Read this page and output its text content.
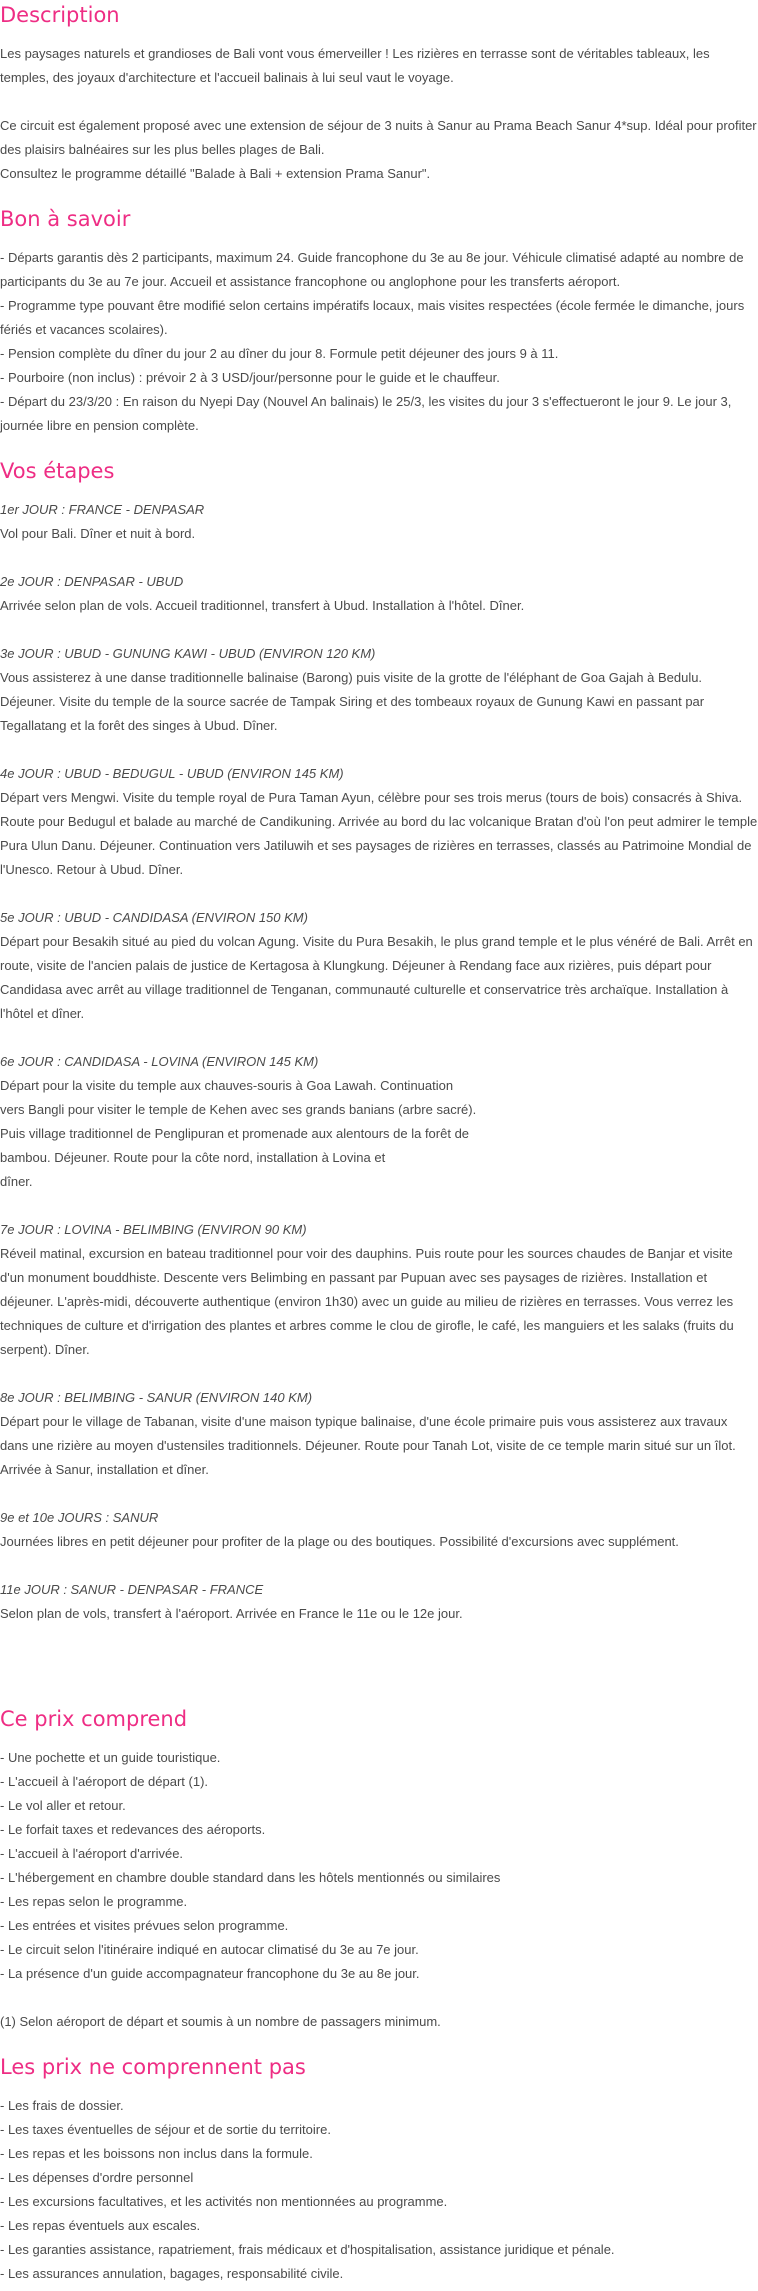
Description

Les paysages naturels et grandioses de Bali vont vous émerveiller ! Les rizières en terrasse sont de véritables tableaux, les temples, des joyaux d'architecture et l'accueil balinais à lui seul vaut le voyage.

Ce circuit est également proposé avec une extension de séjour de 3 nuits à Sanur au Prama Beach Sanur 4*sup. Idéal pour profiter des plaisirs balnéaires sur les plus belles plages de Bali.

Consultez le programme détaillé "Balade à Bali + extension Prama Sanur".

Bon à savoir

- Départs garantis dès 2 participants, maximum 24. Guide francophone du 3e au 8e jour. Véhicule climatisé adapté au nombre de participants du 3e au 7e jour. Accueil et assistance francophone ou anglophone pour les transferts aéroport.

- Programme type pouvant être modifié selon certains impératifs locaux, mais visites respectées (école fermée le dimanche, jours fériés et vacances scolaires).

- Pension complète du dîner du jour 2 au dîner du jour 8. Formule petit déjeuner des jours 9 à 11.

- Pourboire (non inclus) : prévoir 2 à 3 USD/jour/personne pour le guide et le chauffeur.

- Départ du 23/3/20 : En raison du Nyepi Day (Nouvel An balinais) le 25/3, les visites du jour 3 s'effectueront le jour 9. Le jour 3, journée libre en pension complète.

Vos étapes

1er JOUR : FRANCE - DENPASAR

Vol pour Bali. Dîner et nuit à bord.

2e JOUR : DENPASAR - UBUD

Arrivée selon plan de vols. Accueil traditionnel, transfert à Ubud. Installation à l'hôtel. Dîner.

3e JOUR : UBUD - GUNUNG KAWI - UBUD (ENVIRON 120 KM)

Vous assisterez à une danse traditionnelle balinaise (Barong) puis visite de la grotte de l'éléphant de Goa Gajah à Bedulu. Déjeuner. Visite du temple de la source sacrée de Tampak Siring et des tombeaux royaux de Gunung Kawi en passant par Tegallatang et la forêt des singes à Ubud. Dîner.

4e JOUR : UBUD - BEDUGUL - UBUD (ENVIRON 145 KM)

Départ vers Mengwi. Visite du temple royal de Pura Taman Ayun, célèbre pour ses trois merus (tours de bois) consacrés à Shiva. Route pour Bedugul et balade au marché de Candikuning. Arrivée au bord du lac volcanique Bratan d'où l'on peut admirer le temple Pura Ulun Danu. Déjeuner. Continuation vers Jatiluwih et ses paysages de rizières en terrasses, classés au Patrimoine Mondial de l'Unesco. Retour à Ubud. Dîner.

5e JOUR : UBUD - CANDIDASA (ENVIRON 150 KM)

Départ pour Besakih situé au pied du volcan Agung. Visite du Pura Besakih, le plus grand temple et le plus vénéré de Bali. Arrêt en route, visite de l'ancien palais de justice de Kertagosa à Klungkung. Déjeuner à Rendang face aux rizières, puis départ pour Candidasa avec arrêt au village traditionnel de Tenganan, communauté culturelle et conservatrice très archaïque. Installation à l'hôtel et dîner.

6e JOUR : CANDIDASA - LOVINA (ENVIRON 145 KM)

Départ pour la visite du temple aux chauves-souris à Goa Lawah. Continuation vers Bangli pour visiter le temple de Kehen avec ses grands banians (arbre sacré). Puis village traditionnel de Penglipuran et promenade aux alentours de la forêt de bambou. Déjeuner. Route pour la côte nord, installation à Lovina et

dîner.

7e JOUR : LOVINA - BELIMBING (ENVIRON 90 KM)

Réveil matinal, excursion en bateau traditionnel pour voir des dauphins. Puis route pour les sources chaudes de Banjar et visite d'un monument bouddhiste. Descente vers Belimbing en passant par Pupuan avec ses paysages de rizières. Installation et déjeuner. L'après-midi, découverte authentique (environ 1h30) avec un guide au milieu de rizières en terrasses. Vous verrez les techniques de culture et d'irrigation des plantes et arbres comme le clou de girofle, le café, les manguiers et les salaks (fruits du serpent). Dîner.

8e JOUR : BELIMBING - SANUR (ENVIRON 140 KM)

Départ pour le village de Tabanan, visite d'une maison typique balinaise, d'une école primaire puis vous assisterez aux travaux dans une rizière au moyen d'ustensiles traditionnels. Déjeuner. Route pour Tanah Lot, visite de ce temple marin situé sur un îlot. Arrivée à Sanur, installation et dîner.

9e et 10e JOURS : SANUR

Journées libres en petit déjeuner pour profiter de la plage ou des boutiques. Possibilité d'excursions avec supplément.

11e JOUR : SANUR - DENPASAR - FRANCE

Selon plan de vols, transfert à l'aéroport. Arrivée en France le 11e ou le 12e jour.

Ce prix comprend

- Une pochette et un guide touristique.

- L'accueil à l'aéroport de départ (1).

- Le vol aller et retour.

- Le forfait taxes et redevances des aéroports.

- L'accueil à l'aéroport d'arrivée.

- L'hébergement en chambre double standard dans les hôtels mentionnés ou similaires

- Les repas selon le programme.

- Les entrées et visites prévues selon programme.

- Le circuit selon l'itinéraire indiqué en autocar climatisé du 3e au 7e jour.

- La présence d'un guide accompagnateur francophone du 3e au 8e jour.

(1) Selon aéroport de départ et soumis à un nombre de passagers minimum.

Les prix ne comprennent pas

- Les frais de dossier.

- Les taxes éventuelles de séjour et de sortie du territoire.

- Les repas et les boissons non inclus dans la formule.

- Les dépenses d'ordre personnel

- Les excursions facultatives, et les activités non mentionnées au programme.

- Les repas éventuels aux escales.

- Les garanties assistance, rapatriement, frais médicaux et d'hospitalisation, assistance juridique et pénale.

- Les assurances annulation, bagages, responsabilité civile.
